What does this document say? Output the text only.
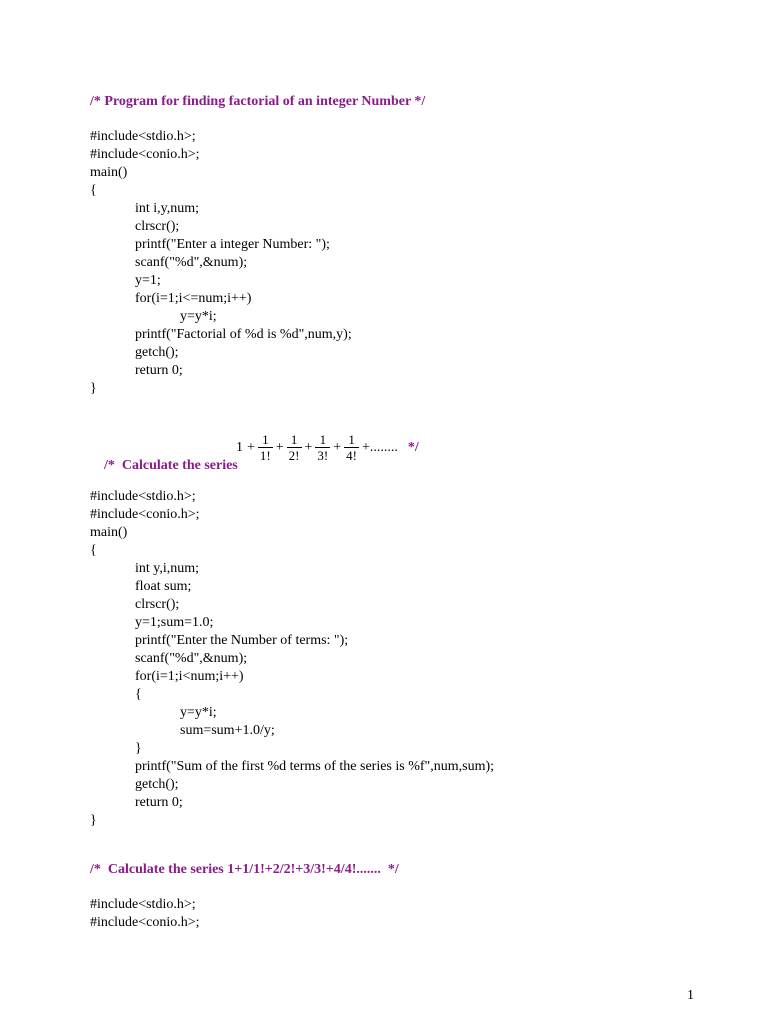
/* Program for finding factorial of an integer Number */
#include<stdio.h>;
#include<conio.h>;
main()
{
int i,y,num;
clrscr();
printf("Enter a integer Number: ");
scanf("%d",&num);
y=1;
for(i=1;i<=num;i++)
y=y*i;
printf("Factorial of %d is %d",num,y);
getch();
return 0;
}

/*  Calculate the series

$1 + \frac{1}{1!} + \frac{1}{2!} + \frac{1}{3!} + \frac{1}{4!}$ +........ */
#include<stdio.h>;
#include<conio.h>;
main()
{
int y,i,num;
float sum;
clrscr();
y=1;sum=1.0;
printf("Enter the Number of terms: ");
scanf("%d",&num);
for(i=1;i<num;i++)
{
y=y*i;
sum=sum+1.0/y;
}
printf("Sum of the first %d terms of the series is %f",num,sum);
getch();
return 0;
}
/*  Calculate the series 1+1/1!+2/2!+3/3!+4/4!.......  */
#include<stdio.h>;
#include<conio.h>;
1
